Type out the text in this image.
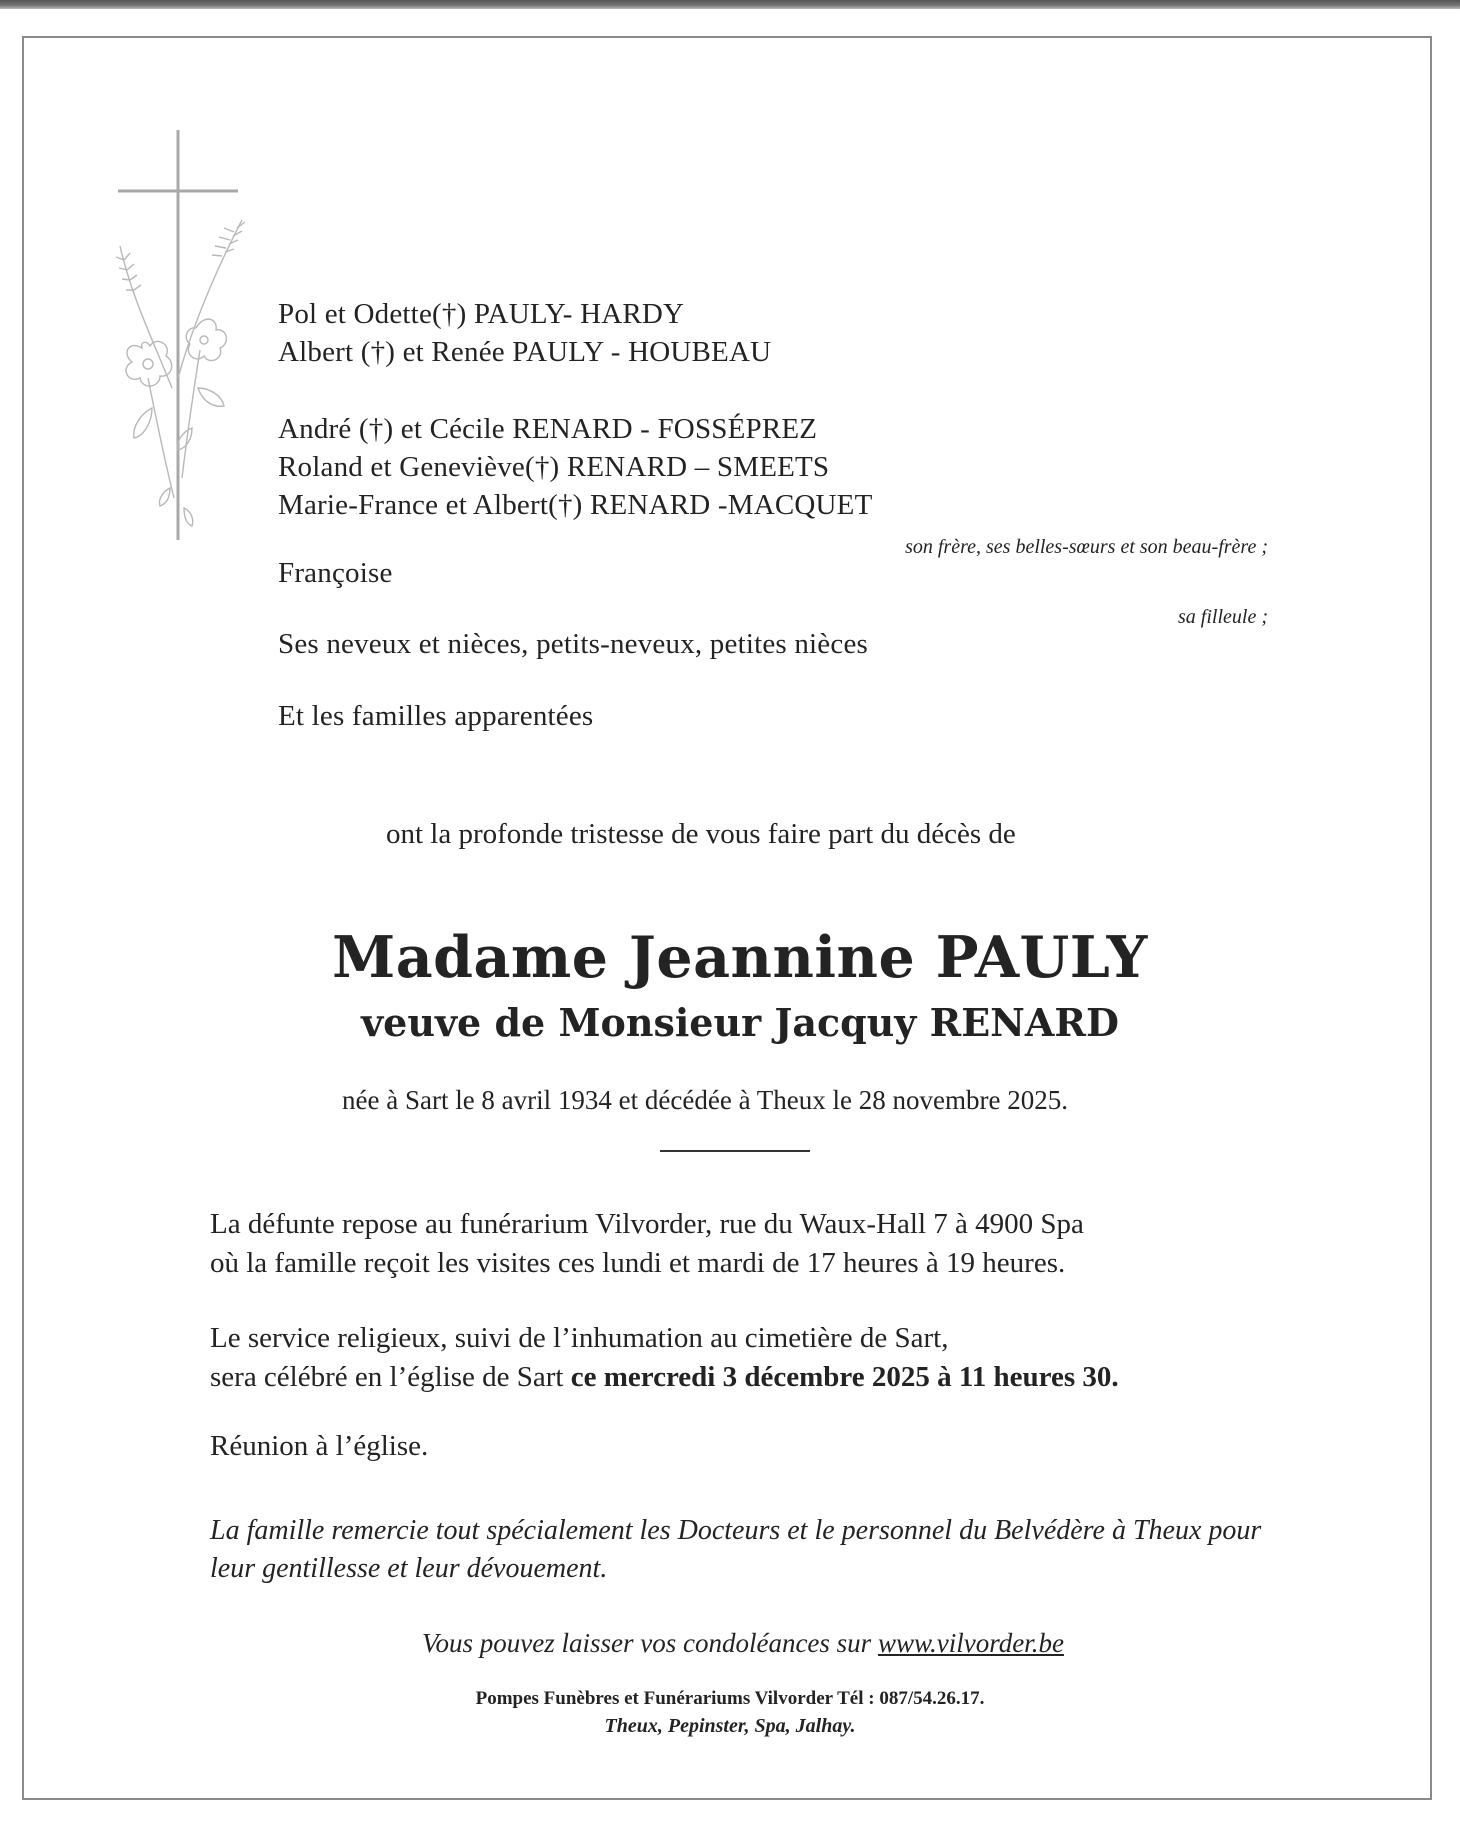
Pol et Odette(†) PAULY- HARDY

Albert (†) et Renée PAULY - HOUBEAU

André (†) et Cécile RENARD - FOSSÉPREZ

Roland et Geneviève(†) RENARD – SMEETS

Marie-France et Albert(†) RENARD -MACQUET

son frère, ses belles-sœurs et son beau-frère ;

Françoise

sa filleule ;

Ses neveux et nièces, petits-neveux, petites nièces

Et les familles apparentées

ont la profonde tristesse de vous faire part du décès de

Madame Jeannine PAULY

veuve de Monsieur Jacquy RENARD

née à Sart le 8 avril 1934 et décédée à Theux le 28 novembre 2025.

La défunte repose au funérarium Vilvorder, rue du Waux-Hall 7 à 4900 Spa

où la famille reçoit les visites ces lundi et mardi de 17 heures à 19 heures.

Le service religieux, suivi de l’inhumation au cimetière de Sart,

sera célébré en l’église de Sart ce mercredi 3 décembre 2025 à 11 heures 30.

Réunion à l’église.

La famille remercie tout spécialement les Docteurs et le personnel du Belvédère à Theux pour

leur gentillesse et leur dévouement.

Vous pouvez laisser vos condoléances sur www.vilvorder.be

Pompes Funèbres et Funérariums Vilvorder Tél : 087/54.26.17.

Theux, Pepinster, Spa, Jalhay.
